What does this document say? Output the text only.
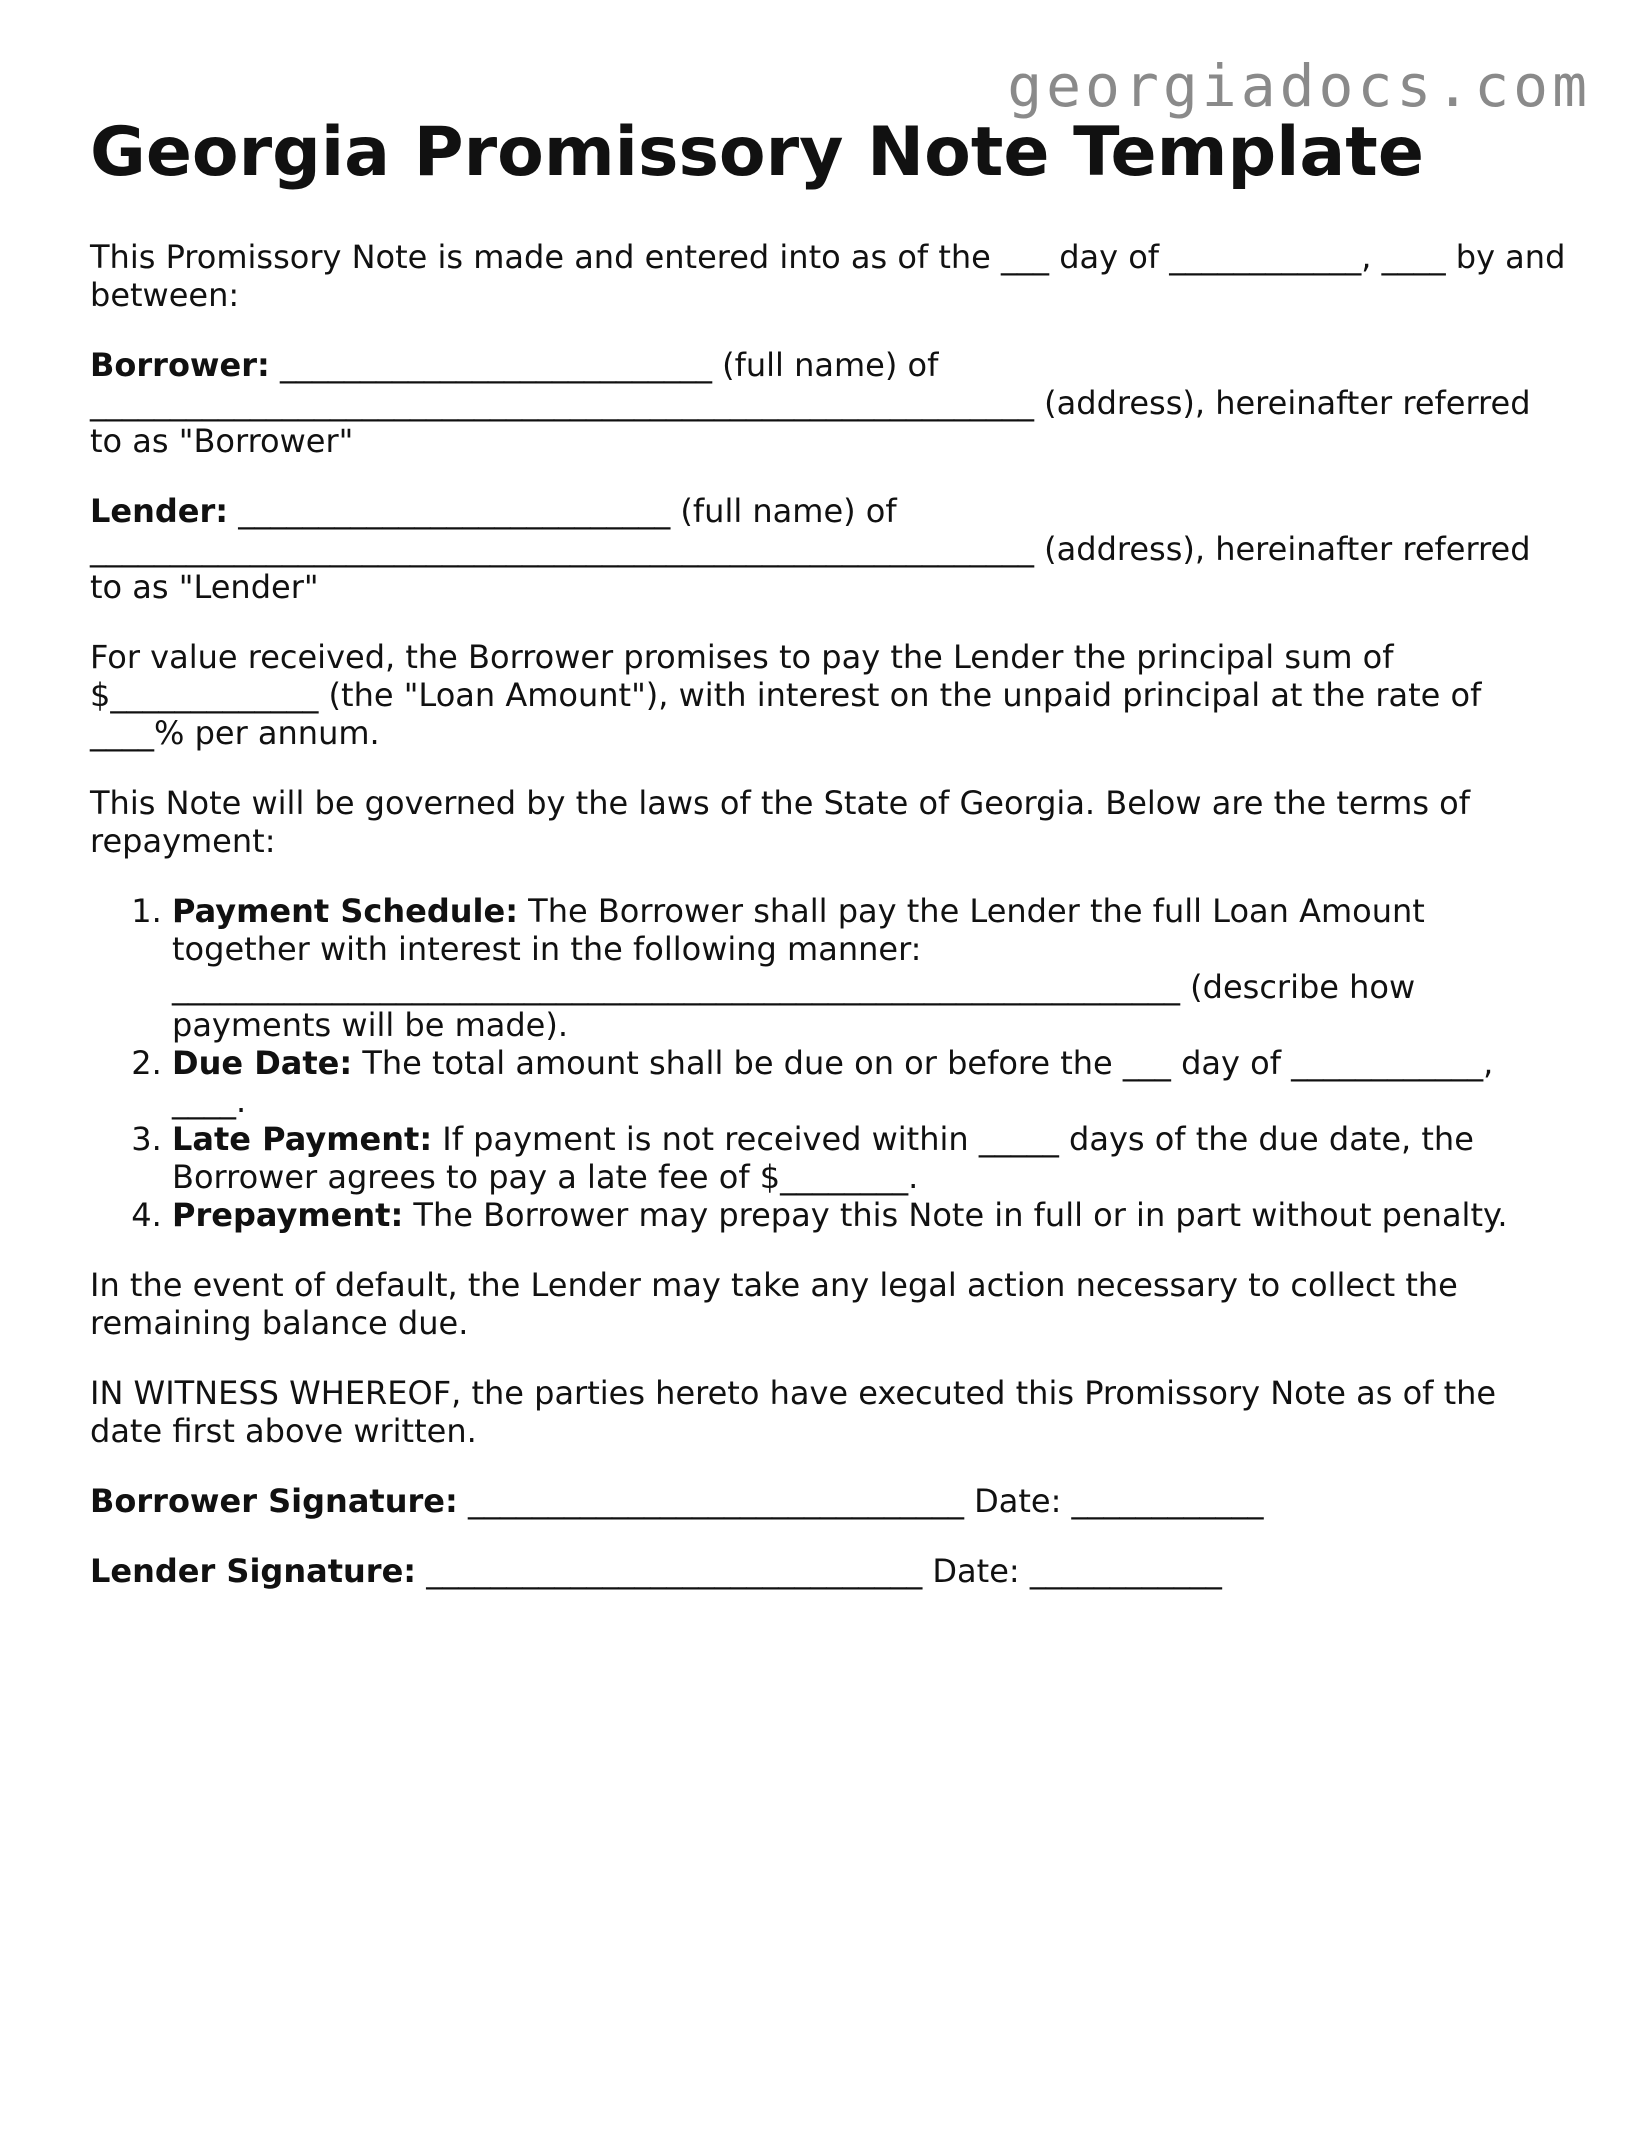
georgiadocs.com
Georgia Promissory Note Template

This Promissory Note is made and entered into as of the ___ day of ____________, ____ by and between:

Borrower: ___________________________ (full name) of ___________________________________________________________ (address), hereinafter referred to as "Borrower"

Lender: ___________________________ (full name) of ___________________________________________________________ (address), hereinafter referred to as "Lender"

For value received, the Borrower promises to pay the Lender the principal sum of $_____________ (the "Loan Amount"), with interest on the unpaid principal at the rate of ____% per annum.

This Note will be governed by the laws of the State of Georgia. Below are the terms of repayment:

1. Payment Schedule: The Borrower shall pay the Lender the full Loan Amount together with interest in the following manner: _______________________________________________________________ (describe how payments will be made).
2. Due Date: The total amount shall be due on or before the ___ day of ____________, ____.
3. Late Payment: If payment is not received within _____ days of the due date, the Borrower agrees to pay a late fee of $________.
4. Prepayment: The Borrower may prepay this Note in full or in part without penalty.

In the event of default, the Lender may take any legal action necessary to collect the remaining balance due.

IN WITNESS WHEREOF, the parties hereto have executed this Promissory Note as of the date first above written.

Borrower Signature: _______________________________ Date: ____________

Lender Signature: _______________________________ Date: ____________
